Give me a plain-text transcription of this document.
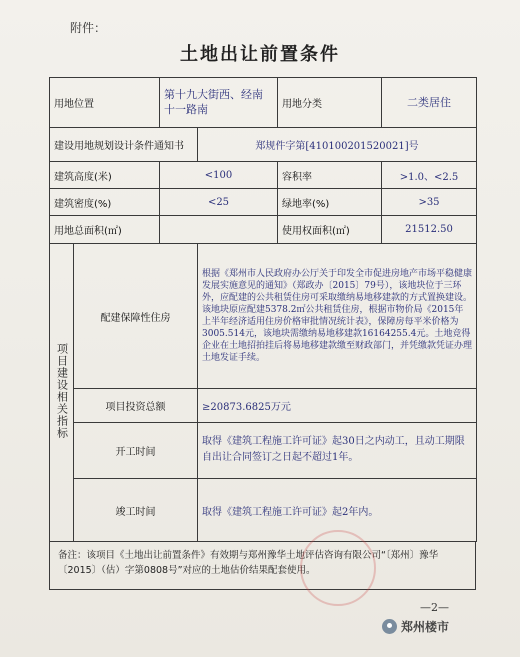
附件：
土地出让前置条件
用地位置		第十九大街西、经南十一路南		用地分类	二类居住
建设用地规划设计条件通知书			郑规件字第[410100201520021]号		
建筑高度(米)		<100		容积率	>1.0、<2.5
建筑密度(%)		<25		绿地率(%)	>35
用地总面积(㎡)				使用权面积(㎡)	21512.50
项目建设相关指标	配建保障性住房		根据《郑州市人民政府办公厅关于印发全市促进房地产市场平稳健康发展实施意见的通知》（郑政办〔2015〕79号），该地块位于三环外，应配建的公共租赁住房可采取缴纳易地移建款的方式置换建设。该地块原应配建5378.2㎡公共租赁住房，根据市物价局《2015年上半年经济适用住房价格审批情况统计表》，保障房每平米价格为3005.514元，该地块需缴纳易地移建款16164255.4元。土地竞得企业在土地招拍挂后将易地移建款缴至财政部门，并凭缴款凭证办理土地发证手续。		
	项目投资总额		≥20873.6825万元		
	开工时间		取得《建筑工程施工许可证》起30日之内动工，且动工期限自出让合同签订之日起不超过1年。		
	竣工时间		取得《建筑工程施工许可证》起2年内。		
备注：该项目《土地出让前置条件》有效期与郑州豫华土地评估咨询有限公司“〔郑州〕豫华〔2015〕（估）字第0808号”对应的土地估价结果配套使用。
—2—
郑州楼市
